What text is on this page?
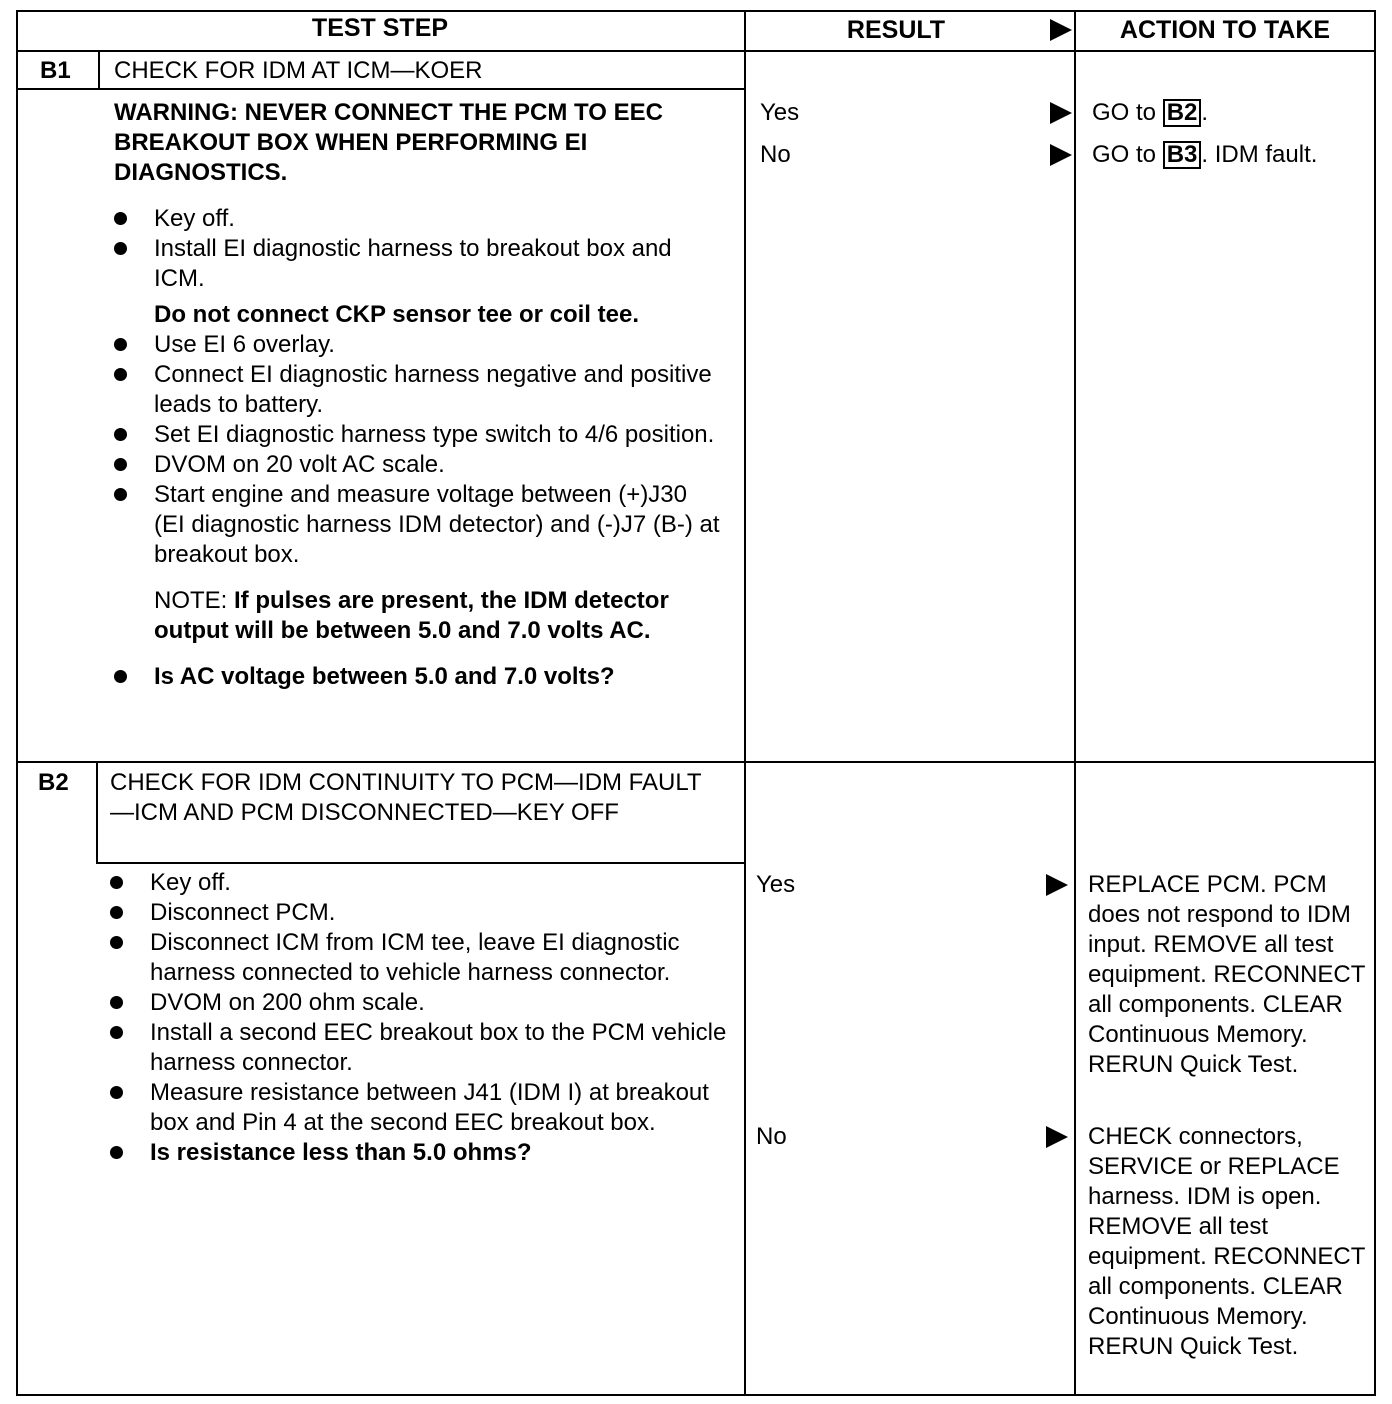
TEST STEP	RESULT	ACTION TO TAKE
B1 CHECK FOR IDM AT ICM—KOER
WARNING: NEVER CONNECT THE PCM TO EEC BREAKOUT BOX WHEN PERFORMING EI DIAGNOSTICS.
Key off.
Install EI diagnostic harness to breakout box and ICM.
Do not connect CKP sensor tee or coil tee.
Use EI 6 overlay.
Connect EI diagnostic harness negative and positive leads to battery.
Set EI diagnostic harness type switch to 4/6 position.
DVOM on 20 volt AC scale.
Start engine and measure voltage between (+)J30 (EI diagnostic harness IDM detector) and (-)J7 (B-) at breakout box.
NOTE: If pulses are present, the IDM detector output will be between 5.0 and 7.0 volts AC.
Is AC voltage between 5.0 and 7.0 volts?
Yes	GO to B2 .
No	GO to B3 . IDM fault.
B2 CHECK FOR IDM CONTINUITY TO PCM—IDM FAULT—ICM AND PCM DISCONNECTED—KEY OFF
Key off.
Disconnect PCM.
Disconnect ICM from ICM tee, leave EI diagnostic harness connected to vehicle harness connector.
DVOM on 200 ohm scale.
Install a second EEC breakout box to the PCM vehicle harness connector.
Measure resistance between J41 (IDM I) at breakout box and Pin 4 at the second EEC breakout box.
Is resistance less than 5.0 ohms?
Yes	REPLACE PCM. PCM does not respond to IDM input. REMOVE all test equipment. RECONNECT all components. CLEAR Continuous Memory. RERUN Quick Test.
No	CHECK connectors, SERVICE or REPLACE harness. IDM is open. REMOVE all test equipment. RECONNECT all components. CLEAR Continuous Memory. RERUN Quick Test.
